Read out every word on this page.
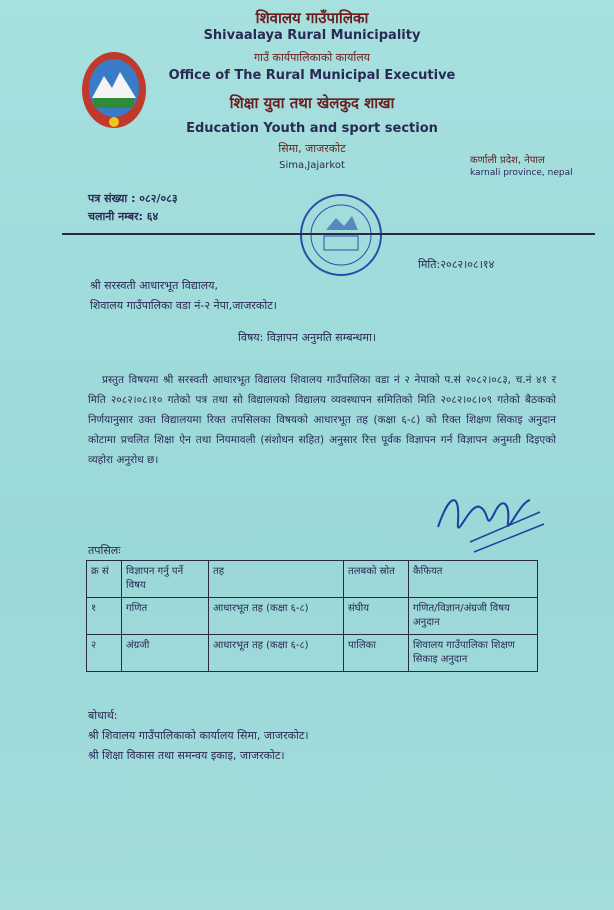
शिवालय गाउँपालिका
Shivaalaya Rural Municipality
गाउँ कार्यपालिकाको कार्यालय
Office of The Rural Municipal Executive
शिक्षा युवा तथा खेलकुद शाखा
Education Youth and sport section
सिमा, जाजरकोट
Sima,Jajarkot	कर्णाली प्रदेश, नेपाल
karnali province, nepal
पत्र संख्या : ०८२/०८३
चलानी नम्बर: ६४
मिति:२०८२।०८।१४
श्री सरस्वती आधारभूत विद्यालय,
शिवालय गाउँपालिका वडा नं-२ नेपा,जाजरकोट।
विषय: विज्ञापन अनुमति सम्बन्धमा।
प्रस्तुत विषयमा श्री सरस्वती आधारभूत विद्यालय शिवालय गाउँपालिका वडा नं २ नेपाको प.सं २०८२।०८३, च.नं ४१ र मिति २०८२।०८।१० गतेको पत्र तथा सो विद्यालयको विद्यालय व्यवस्थापन समितिको मिति २०८२।०८।०९ गतेको बैठकको निर्णयानुसार उक्त विद्यालयमा रिक्त तपसिलका विषयको आधारभूत तह (कक्षा ६-८) को रिक्त शिक्षण सिकाइ अनुदान कोटामा प्रचलित शिक्षा ऐन तथा नियमावली (संशोधन सहित) अनुसार रित्त पूर्वक विज्ञापन गर्न विज्ञापन अनुमती दिइएको व्यहोरा अनुरोध छ।
तपसिलः
क्र सं	विज्ञापन गर्नु पर्ने विषय	तह	तलबको स्रोत	कैफियत
१	गणित	आधारभूत तह (कक्षा ६-८)	संघीय	गणित/विज्ञान/अंग्रजी विषय अनुदान
२	अंग्रजी	आधारभूत तह (कक्षा ६-८)	पालिका	शिवालय गाउँपालिका शिक्षण सिकाइ अनुदान
बोधार्थ:
श्री शिवालय गाउँपालिकाको कार्यालय सिमा, जाजरकोट।
श्री शिक्षा विकास तथा समन्वय इकाइ, जाजरकोट।
